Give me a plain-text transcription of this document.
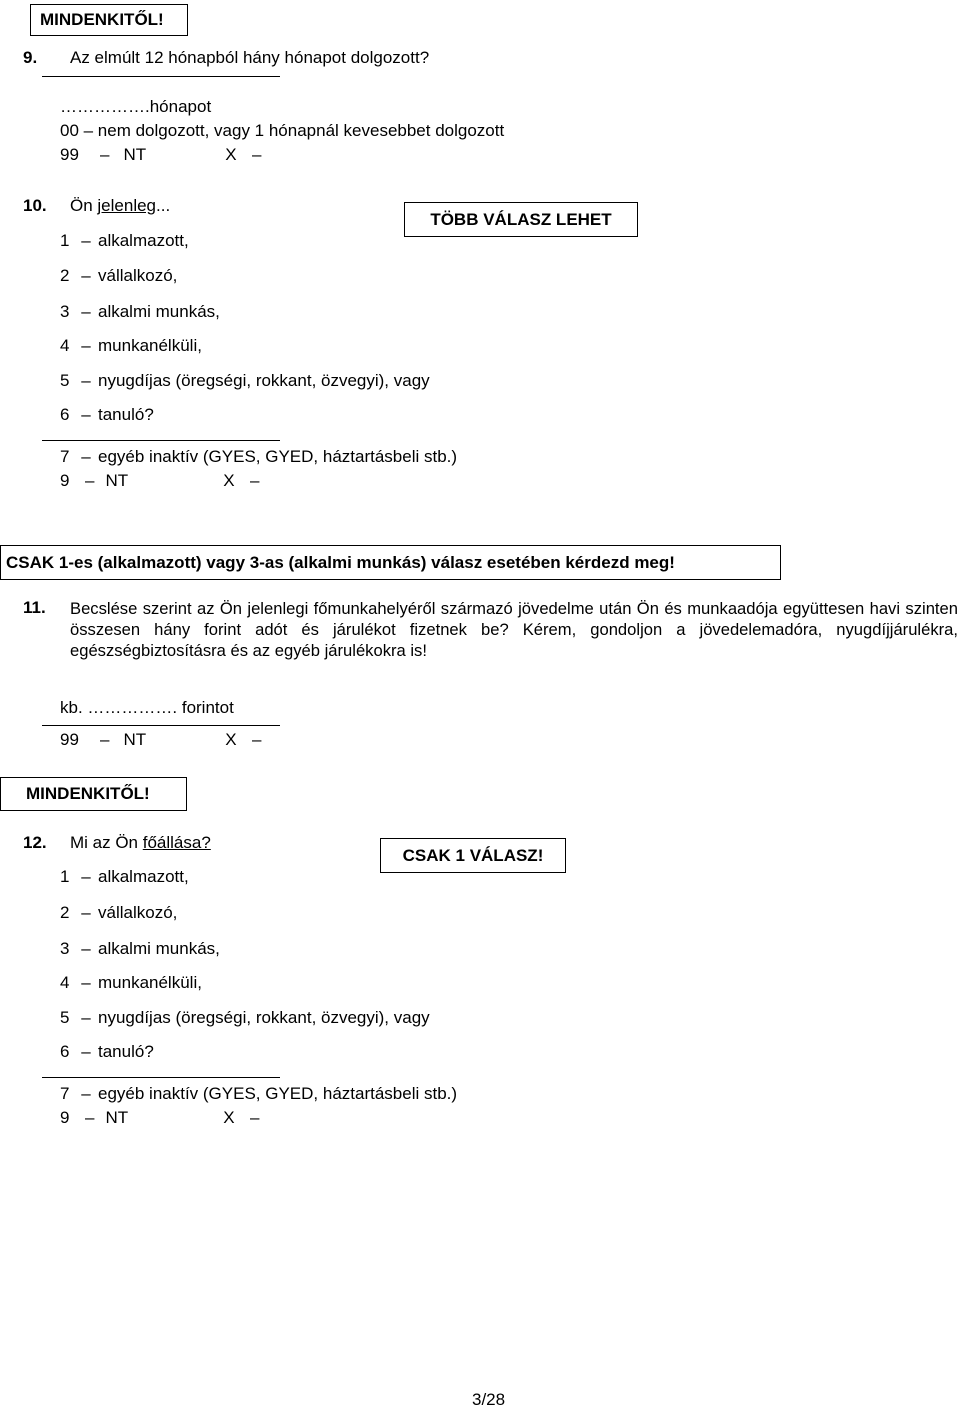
MINDENKITŐL!
9. Az elmúlt 12 hónapból hány hónapot dolgozott?
…………….hónapot
00 – nem dolgozott, vagy 1 hónapnál kevesebbet dolgozott
99 – NT	X –
10. Ön jelenleg...
TÖBB VÁLASZ LEHET
1 – alkalmazott,
2 – vállalkozó,
3 – alkalmi munkás,
4 – munkanélküli,
5 – nyugdíjas (öregségi, rokkant, özvegyi), vagy
6 – tanuló?
7 – egyéb inaktív (GYES, GYED, háztartásbeli stb.)
9 – NT	X –
CSAK 1-es (alkalmazott) vagy 3-as (alkalmi munkás) válasz esetében kérdezd meg!
11. Becslése szerint az Ön jelenlegi főmunkahelyéről származó jövedelme után Ön és munkaadója együttesen havi szinten összesen hány forint adót és járulékot fizetnek be? Kérem, gondoljon a jövedelemadóra, nyugdíjjárulékra, egészségbiztosításra és az egyéb járulékokra is!
kb. ……………. forintot
99 – NT	X –
MINDENKITŐL!
12. Mi az Ön főállása?
CSAK 1 VÁLASZ!
1 – alkalmazott,
2 – vállalkozó,
3 – alkalmi munkás,
4 – munkanélküli,
5 – nyugdíjas (öregségi, rokkant, özvegyi), vagy
6 – tanuló?
7 – egyéb inaktív (GYES, GYED, háztartásbeli stb.)
9 – NT	X –
3/28
